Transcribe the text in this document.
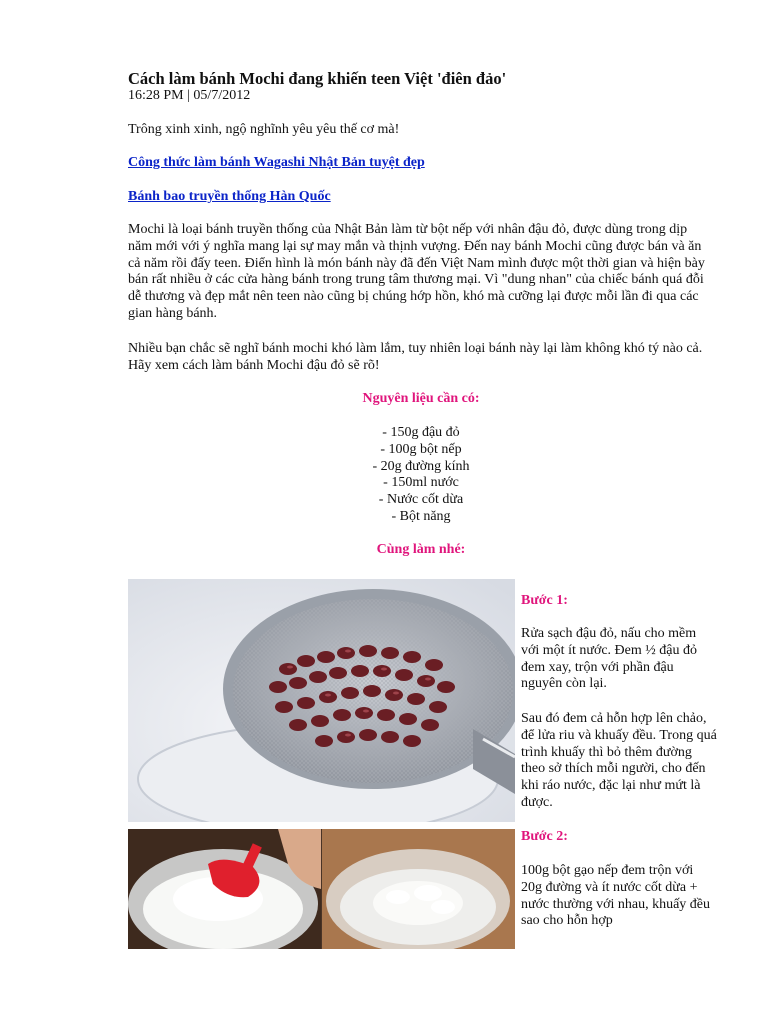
Cách làm bánh Mochi đang khiến teen Việt 'điên đảo'
16:28 PM | 05/7/2012
Trông xinh xinh, ngộ nghĩnh yêu yêu thế cơ mà!
Công thức làm bánh Wagashi Nhật Bản tuyệt đẹp
Bánh bao truyền thống Hàn Quốc
Mochi là loại bánh truyền thống của Nhật Bản làm từ bột nếp với nhân đậu đỏ, được dùng trong dịp năm mới với ý nghĩa mang lại sự may mắn và thịnh vượng. Đến nay bánh Mochi cũng được bán và ăn cả năm rồi đấy teen. Điển hình là món bánh này đã đến Việt Nam mình được một thời gian và hiện bày bán rất nhiều ở các cửa hàng bánh trong trung tâm thương mại. Vì "dung nhan" của chiếc bánh quá đỗi dễ thương và đẹp mắt nên teen nào cũng bị chúng hớp hồn, khó mà cưỡng lại được mỗi lần đi qua các gian hàng bánh.
Nhiều bạn chắc sẽ nghĩ bánh mochi khó làm lắm, tuy nhiên loại bánh này lại làm không khó tý nào cả. Hãy xem cách làm bánh Mochi đậu đỏ sẽ rõ!
Nguyên liệu cần có:
- 150g đậu đỏ
- 100g bột nếp
- 20g đường kính
- 150ml nước
- Nước cốt dừa
- Bột năng
Cùng làm nhé:
Bước 1:
Rửa sạch đậu đỏ, nấu cho mềm với một ít nước. Đem ½ đậu đỏ đem xay, trộn với phần đậu nguyên còn lại.
Sau đó đem cả hỗn hợp lên chảo, để lửa riu và khuấy đều. Trong quá trình khuấy thì bỏ thêm đường theo sở thích mỗi người, cho đến khi ráo nước, đặc lại như mứt là được.
Bước 2:
100g bột gạo nếp đem trộn với 20g đường và ít nước cốt dừa + nước thường với nhau, khuấy đều sao cho hỗn hợp
